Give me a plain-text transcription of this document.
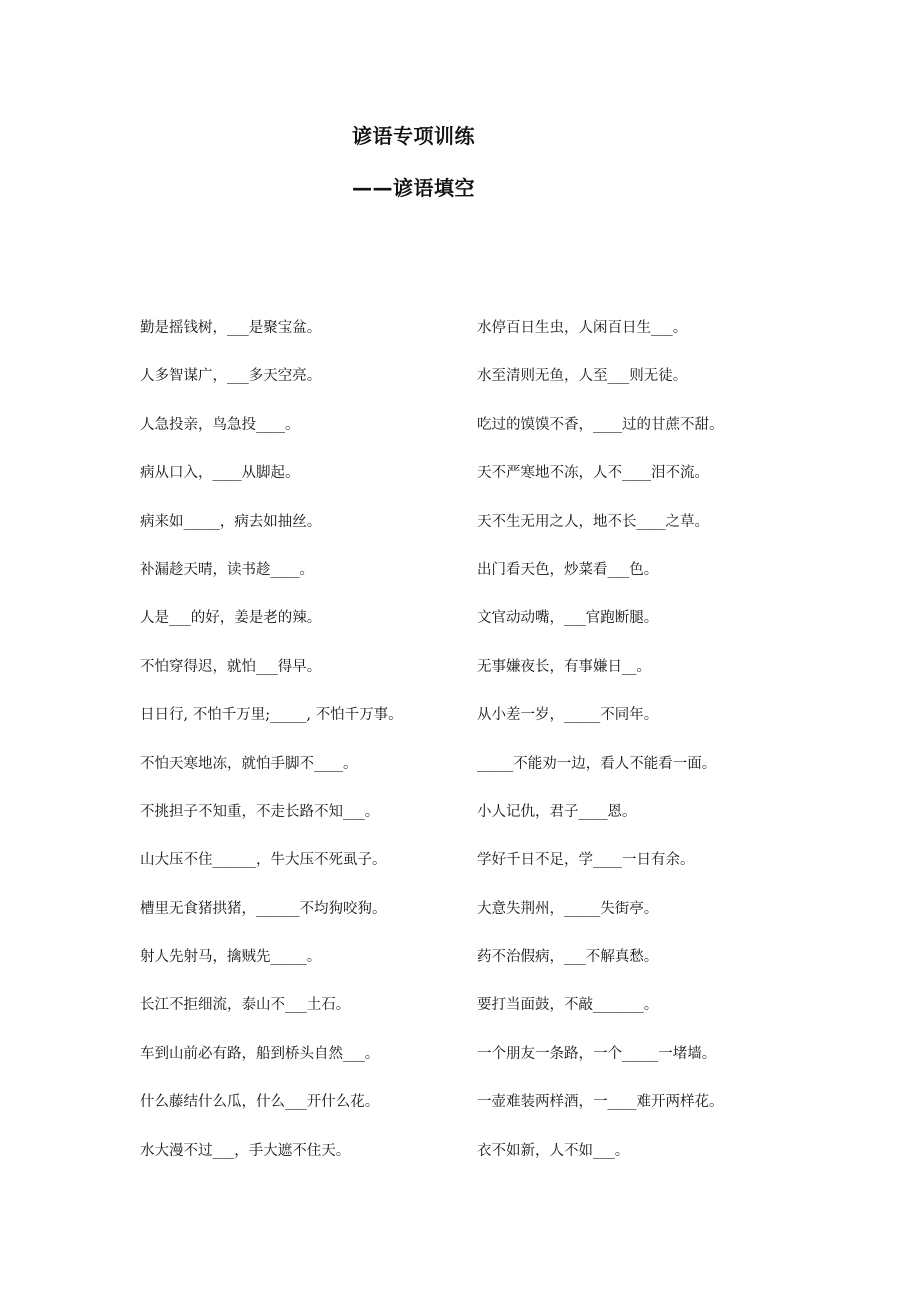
谚语专项训练
——谚语填空
勤是摇钱树，___是聚宝盆。
人多智谋广，___多天空亮。
人急投亲，鸟急投____。
病从口入，____从脚起。
病来如_____，病去如抽丝。
补漏趁天晴，读书趁____。
人是___的好，姜是老的辣。
不怕穿得迟，就怕___得早。
日日行, 不怕千万里;_____, 不怕千万事。
不怕天寒地冻，就怕手脚不____。
不挑担子不知重，不走长路不知___。
山大压不住______，牛大压不死虱子。
槽里无食猪拱猪，______不均狗咬狗。
射人先射马，擒贼先_____。
长江不拒细流，泰山不___土石。
车到山前必有路，船到桥头自然___。
什么藤结什么瓜，什么___开什么花。
水大漫不过___，手大遮不住天。
水停百日生虫，人闲百日生___。
水至清则无鱼，人至___则无徒。
吃过的馍馍不香，____过的甘蔗不甜。
天不严寒地不冻，人不____泪不流。
天不生无用之人，地不长____之草。
出门看天色，炒菜看___色。
文官动动嘴，___官跑断腿。
无事嫌夜长，有事嫌日__。
从小差一岁，_____不同年。
_____不能劝一边，看人不能看一面。
小人记仇，君子____恩。
学好千日不足，学____一日有余。
大意失荆州，_____失街亭。
药不治假病，___不解真愁。
要打当面鼓，不敲_______。
一个朋友一条路，一个_____一堵墙。
一壶难装两样酒，一____难开两样花。
衣不如新，人不如___。
